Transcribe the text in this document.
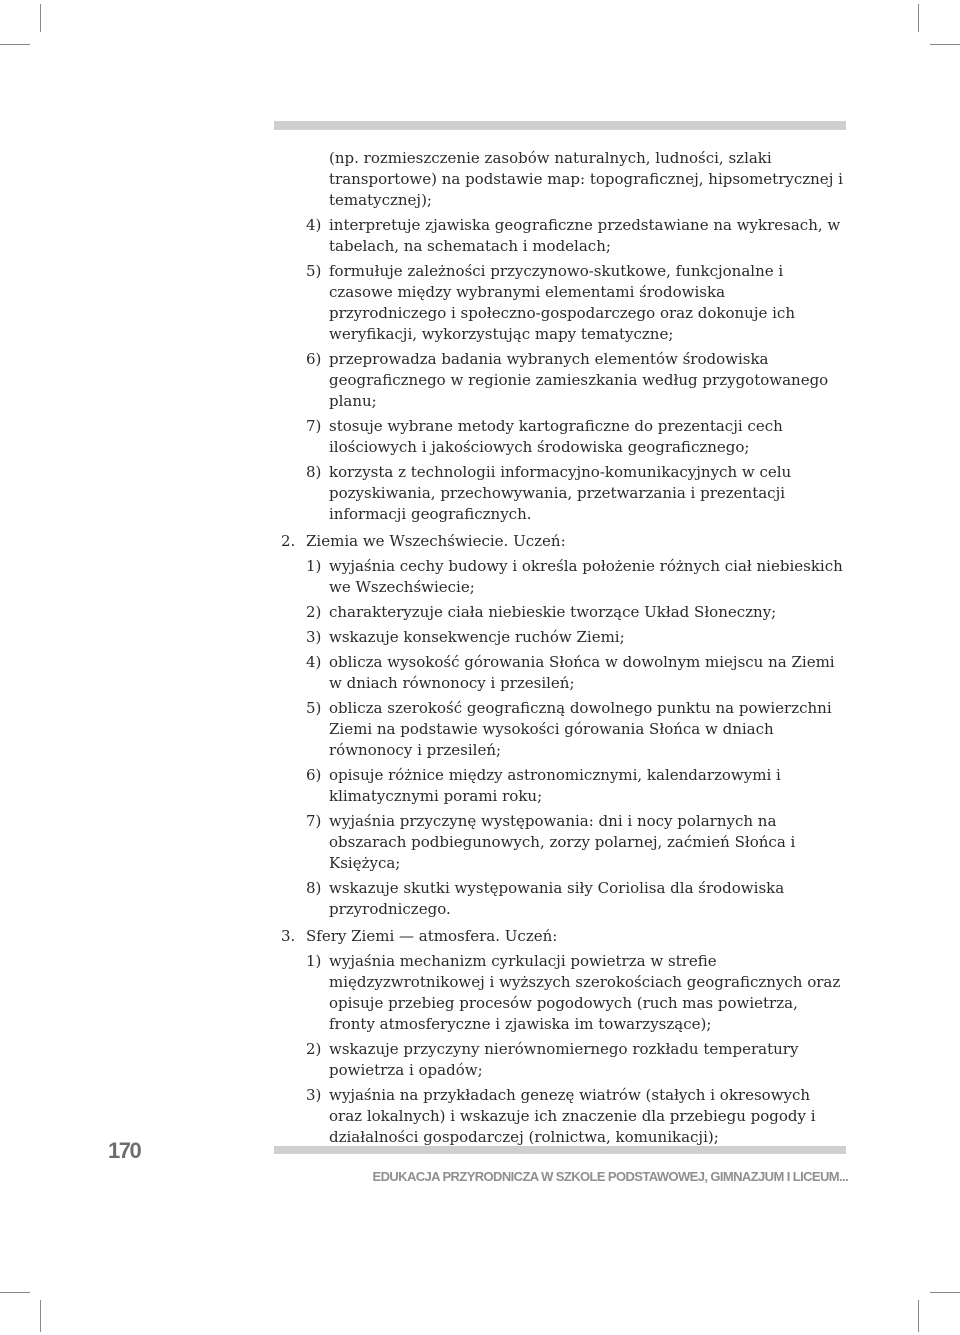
(np. rozmieszczenie zasobów naturalnych, ludności, szlaki transportowe) na podstawie map: topograficznej, hipsometrycznej i tematycznej);
4) interpretuje zjawiska geograficzne przedstawiane na wykresach, w tabelach, na schematach i modelach;
5) formułuje zależności przyczynowo-skutkowe, funkcjonalne i czasowe między wybranymi elementami środowiska przyrodniczego i społeczno-gospodarczego oraz dokonuje ich weryfikacji, wykorzystując mapy tematyczne;
6) przeprowadza badania wybranych elementów środowiska geograficznego w regionie zamieszkania według przygotowanego planu;
7) stosuje wybrane metody kartograficzne do prezentacji cech ilościowych i jakościowych środowiska geograficznego;
8) korzysta z technologii informacyjno-komunikacyjnych w celu pozyskiwania, przechowywania, przetwarzania i prezentacji informacji geograficznych.
2. Ziemia we Wszechświecie. Uczeń:
1) wyjaśnia cechy budowy i określa położenie różnych ciał niebieskich we Wszechświecie;
2) charakteryzuje ciała niebieskie tworzące Układ Słoneczny;
3) wskazuje konsekwencje ruchów Ziemi;
4) oblicza wysokość górowania Słońca w dowolnym miejscu na Ziemi w dniach równonocy i przesileń;
5) oblicza szerokość geograficzną dowolnego punktu na powierzchni Ziemi na podstawie wysokości górowania Słońca w dniach równonocy i przesileń;
6) opisuje różnice między astronomicznymi, kalendarzowymi i klimatycznymi porami roku;
7) wyjaśnia przyczynę występowania: dni i nocy polarnych na obszarach podbiegunowych, zorzy polarnej, zaćmień Słońca i Księżyca;
8) wskazuje skutki występowania siły Coriolisa dla środowiska przyrodniczego.
3. Sfery Ziemi — atmosfera. Uczeń:
1) wyjaśnia mechanizm cyrkulacji powietrza w strefie międzyzwrotnikowej i wyższych szerokościach geograficznych oraz opisuje przebieg procesów pogodowych (ruch mas powietrza, fronty atmosferyczne i zjawiska im towarzyszące);
2) wskazuje przyczyny nierównomiernego rozkładu temperatury powietrza i opadów;
3) wyjaśnia na przykładach genezę wiatrów (stałych i okresowych oraz lokalnych) i wskazuje ich znaczenie dla przebiegu pogody i działalności gospodarczej (rolnictwa, komunikacji);
170
EDUKACJA PRZYRODNICZA W SZKOLE PODSTAWOWEJ, GIMNAZJUM I LICEUM...
